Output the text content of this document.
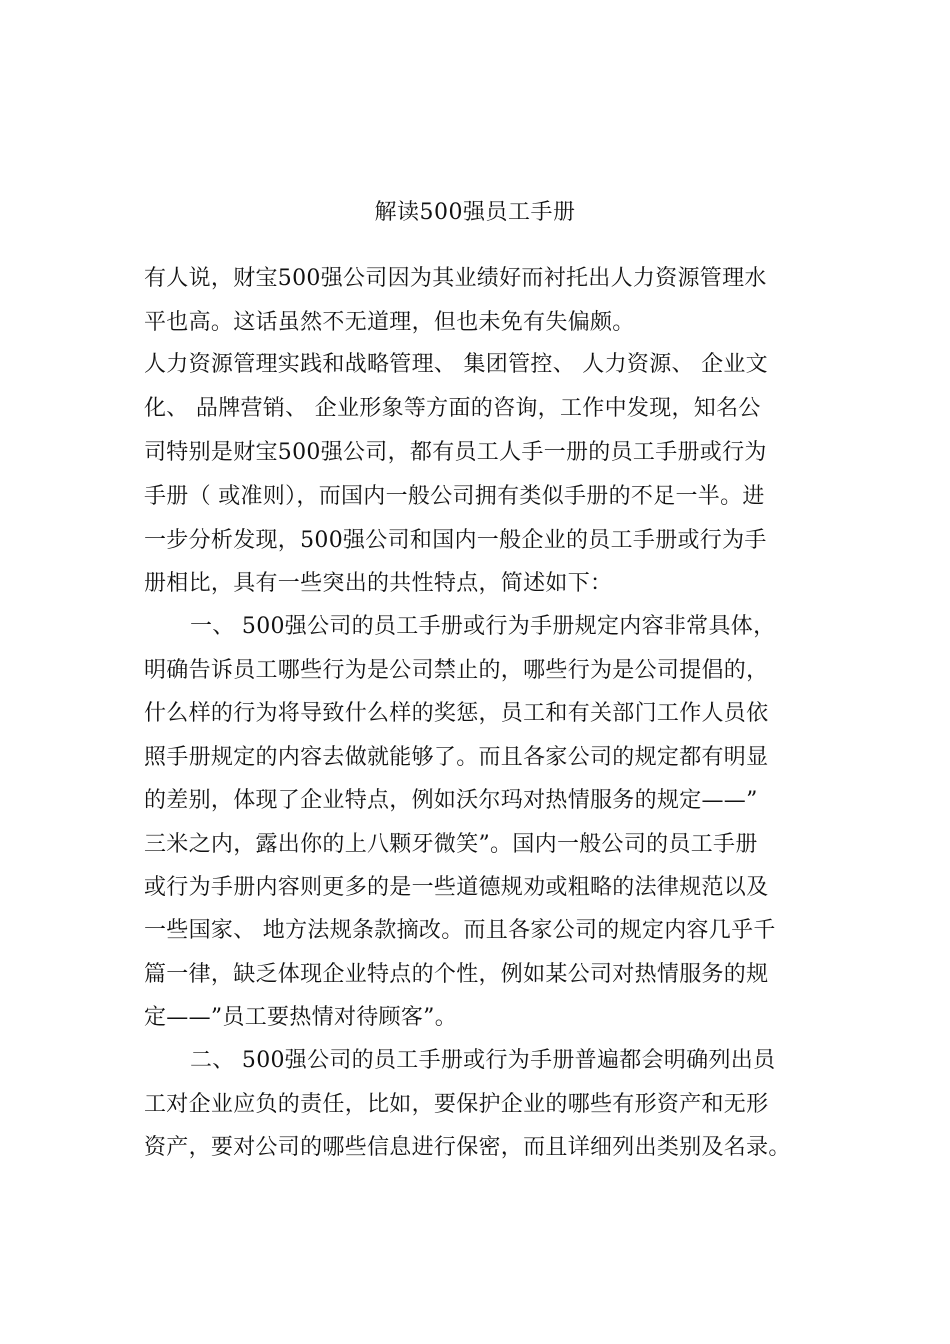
解读500强员工手册
有人说，财宝500强公司因为其业绩好而衬托出人力资源管理水
平也高。这话虽然不无道理，但也未免有失偏颇。
人力资源管理实践和战略管理、 集团管控、 人力资源、 企业文
化、 品牌营销、 企业形象等方面的咨询，工作中发现，知名公
司特别是财宝500强公司，都有员工人手一册的员工手册或行为
手册（ 或准则），而国内一般公司拥有类似手册的不足一半。进
一步分析发现，500强公司和国内一般企业的员工手册或行为手
册相比，具有一些突出的共性特点，简述如下：
一、 500强公司的员工手册或行为手册规定内容非常具体，
明确告诉员工哪些行为是公司禁止的，哪些行为是公司提倡的，
什么样的行为将导致什么样的奖惩，员工和有关部门工作人员依
照手册规定的内容去做就能够了。而且各家公司的规定都有明显
的差别，体现了企业特点，例如沃尔玛对热情服务的规定——”
三米之内，露出你的上八颗牙微笑”。国内一般公司的员工手册
或行为手册内容则更多的是一些道德规劝或粗略的法律规范以及
一些国家、 地方法规条款摘改。而且各家公司的规定内容几乎千
篇一律，缺乏体现企业特点的个性，例如某公司对热情服务的规
定——”员工要热情对待顾客”。
二、 500强公司的员工手册或行为手册普遍都会明确列出员
工对企业应负的责任，比如，要保护企业的哪些有形资产和无形
资产，要对公司的哪些信息进行保密，而且详细列出类别及名录。
